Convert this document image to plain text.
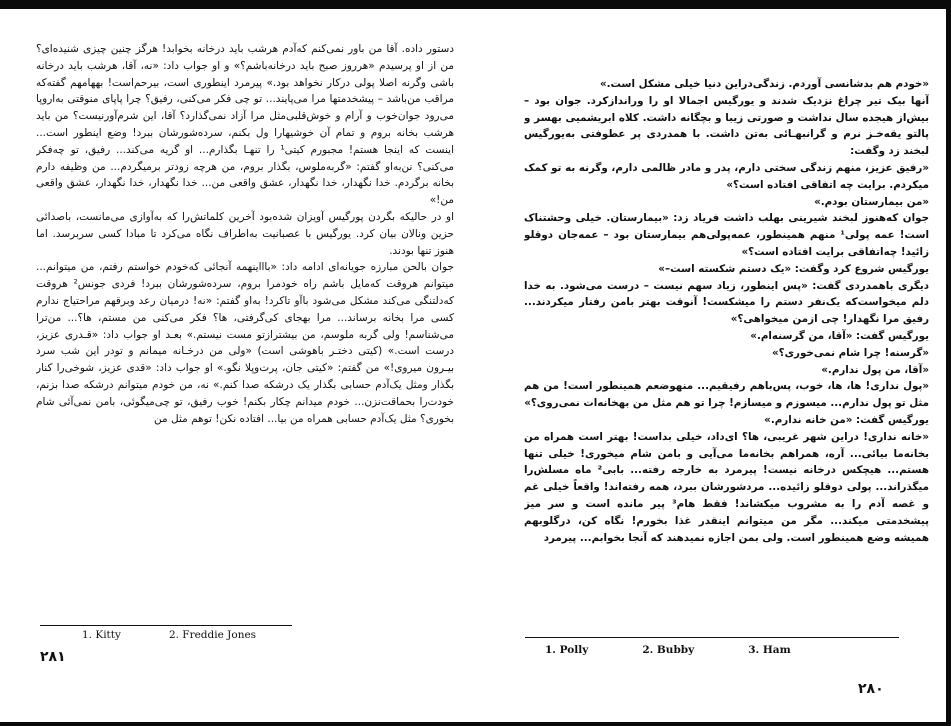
دستور داده. آقا من باور نمی‌کنم که‌آدم هرشب باید درخانه بخوابد! هرگز چنین چیزی شنیده‌ای؟ من از او پرسیدم «هرروز صبح باید درخانه‌باشم؟» و او جواب داد: «نه، آقا، هرشب باید درخانه باشی وگرنه اصلا پولی درکار نخواهد بود.» پیرمرد اینطوری است، بیرحم‌است! بههامهم گفته‌که مراقب من‌باشد – پیشخدمتها مرا می‌پایند... تو چی فکر می‌کنی، رفیق؟ چرا پاپای منوقتی به‌اروپا می‌رود جوان‌خوب و آرام و خوش‌قلبی‌مثل مرا آزاد نمی‌گذارد؟ آقا، این شرم‌آورنیست؟ من باید هرشب بخانه بروم و تمام آن خوشیهارا ول بکنم، سرده‌شورشان ببرد! وضع اینطور است... اینست که اینجا هستم! مجبورم کیتی¹ را تنهـا بگذارم... او گریه می‌کند... رفیق، تو چه‌فکر می‌کنی؟ نن‌به‌او گفتم: «گربه‌ملوس، بگذار بروم، من هرچه زودتر برمیگردم... من وظیفه دارم بخانه برگردم. خدا نگهدار، خدا نگهدار، عشق واقعی من... خدا نگهدار، خدا نگهدار، عشق واقعی من!»
او در حالیکه بگردن پورگیس آویزان شده‌بود آخرین کلماتش‌را که به‌آوازی می‌مانست، باصدائی حزین ونالان بیان کرد. یورگیس با عصبانیت به‌اطراف نگاه می‌کرد تا مبادا کسی سربرسد. اما هنوز تنها بودند.
جوان بالحن مبارزه جویانه‌ای ادامه داد: «باا‌اینهمه آنجائی که‌خودم خواستم رفتم، من میتوانم... میتوانم هروقت که‌مایل باشم راه خودمرا بروم، سرده‌شورشان ببرد! فردی جونس² هروقت که‌دلتنگی می‌کند مشکل می‌شود باآو تاکرد! به‌او گفتم: «نه! درمیان رعد وبرقهم مراحتیاج ندارم کسی مرا بخانه برساند... مرا بهجای کی‌گرفتی، ها؟ فکر می‌کنی من مستم، ها؟... من‌ترا می‌شناسم! ولی گربه ملوسم، من بیشترازتو مست نیستم.» بعـد او جواب داد: «قـدری عزیز، درست است.» (کیتی دختـر باهوشی است) «ولی من درخـانه میمانم و تودر این شب سرد بیـرون میروی!» من گفتم: «کیتی جان، پرت‌وپلا نگو.» او جواب داد: «قدی عزیز، شوخی‌را کنار بگذار ومثل یک‌آدم حسابی بگذار یک درشکه صدا کنم.» نه، من خودم میتوانم درشکه صدا بزنم، خودت‌را بحماقت‌نزن... خودم میدانم چکار بکنم! خوب رفیق، تو چی‌میگوئی، بامن نمی‌آئی شام بخوری؟ مثل یک‌آدم حسابی همراه من بیا... افتاده نکن! توهم مثل من
1. Kitty	2. Freddie Jones
۲۸۱
«خودم هم بدشانسی آوردم. زندگی‌دراین دنیا خیلی مشکل است.»
آنها بیک تیر چراغ نزدیک شدند و یورگیس اجمالا او را وراندازکرد. جوان بود – بیش‌از هیجده سال نداشت و صورتی زیبا و بچگانه داشت. کلاه ابریشمیی بهسر و پالتو یقه‌خـز نرم و گرانبهـائی به‌تن داشت. با همدردی پر عطوفتی به‌یورگیس لبخند زد وگفت:
«رفیق عزیز، منهم زندگی سختی دارم، پدر و مادر ظالمی دارم، وگرنه به تو کمک میکردم. برایت چه اتفاقی افتاده است؟»
«من بیمارستان بودم.»
جوان که‌هنوز لبخند شیرینی بهلب داشت فریاد زد: «بیمارستان. خیلی وحشتناک است! عمه پولی¹ منهم همینطور، عمه‌پولی‌هم بیمارستان بود – عمه‌جان دوقلو زائید! چه‌اتفاقی برایت افتاده است؟»
یورگیس شروع کرد وگفت: «یک دستم شکسته است–»
دیگری باهمدردی گفت: «پس اینطور، زیاد سهم نیست – درست می‌شود. به خدا دلم میخواست‌که یک‌نفر دستم را میشکست! آنوقت بهتر بامن رفتار میکردند... رفیق مرا نگهدار! چی ازمن میخواهی؟»
یورگیس گفت: «آقا، من گرسنه‌ام.»
«گرسنه! چرا شام نمی‌خوری؟»
«آقا، من پول ندارم.»
«پول نداری! ها، ها، خوب، پس‌باهم رفیقیم... منهوضعم همینطور است! من هم مثل تو پول ندارم... میسوزم و میسازم! چرا تو هم مثل من بهخانه‌ات نمی‌روی؟»
یورگیس گفت: «من خانه ندارم.»
«خانه نداری! دراین شهر غریبی، ها؟ ای‌داد، خیلی بداست! بهتر است همراه من بخانه‌ما بیائی... آره، همراهم بخانه‌ما می‌آیی و بامن شام میخوری! خیلی تنها هستم... هیچکس درخانه نیست! پیرمرد به خارجه رفته... بابی² ماه مسلش‌را میگذراند... پولی دوقلو زائیده... مردشورشان ببرد، همه رفته‌اند! واقعاً خیلی غم و غصه آدم را به مشروب میکشاند! فقط هام³ پیر مانده است و سر میز پیشخدمتی میکند... مگر من میتوانم اینقدر غذا بخورم! نگاه کن، درگلوبهم همیشه وضع همینطور است. ولی بمن اجازه نمیدهند که آنجا بخوابم... پیرمرد
1. Polly	2. Bubby	3. Ham
۲۸۰
